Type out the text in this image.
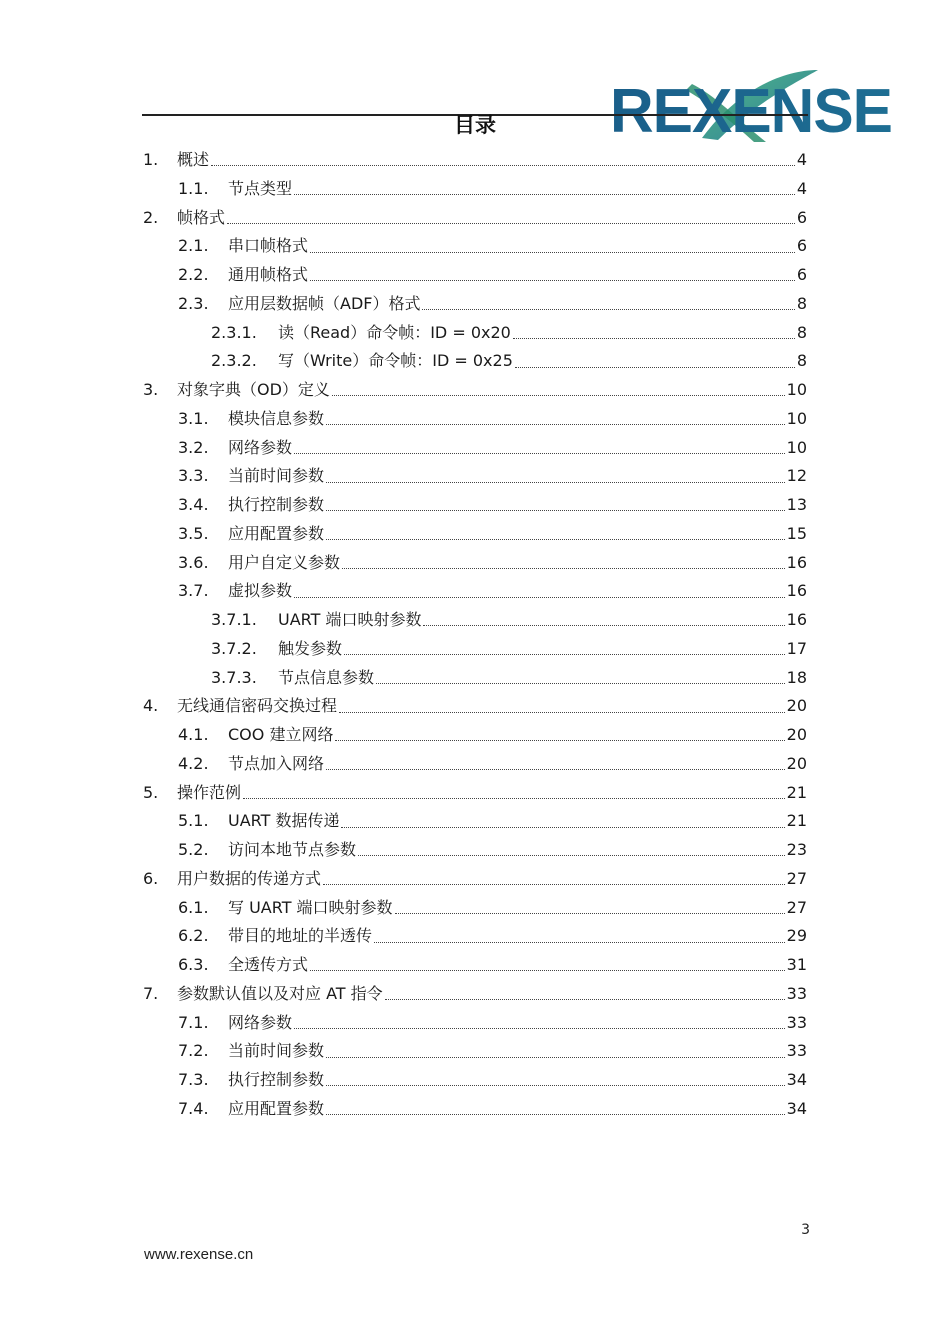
REXENSE
目录
1.	概述	4
1.1.	节点类型	4
2.	帧格式	6
2.1.	串口帧格式	6
2.2.	通用帧格式	6
2.3.	应用层数据帧（ADF）格式	8
2.3.1.	读（Read）命令帧：ID = 0x20	8
2.3.2.	写（Write）命令帧：ID = 0x25	8
3.	对象字典（OD）定义	10
3.1.	模块信息参数	10
3.2.	网络参数	10
3.3.	当前时间参数	12
3.4.	执行控制参数	13
3.5.	应用配置参数	15
3.6.	用户自定义参数	16
3.7.	虚拟参数	16
3.7.1.	UART 端口映射参数	16
3.7.2.	触发参数	17
3.7.3.	节点信息参数	18
4.	无线通信密码交换过程	20
4.1.	COO 建立网络	20
4.2.	节点加入网络	20
5.	操作范例	21
5.1.	UART 数据传递	21
5.2.	访问本地节点参数	23
6.	用户数据的传递方式	27
6.1.	写 UART 端口映射参数	27
6.2.	带目的地址的半透传	29
6.3.	全透传方式	31
7.	参数默认值以及对应 AT 指令	33
7.1.	网络参数	33
7.2.	当前时间参数	33
7.3.	执行控制参数	34
7.4.	应用配置参数	34
3
www.rexense.cn
